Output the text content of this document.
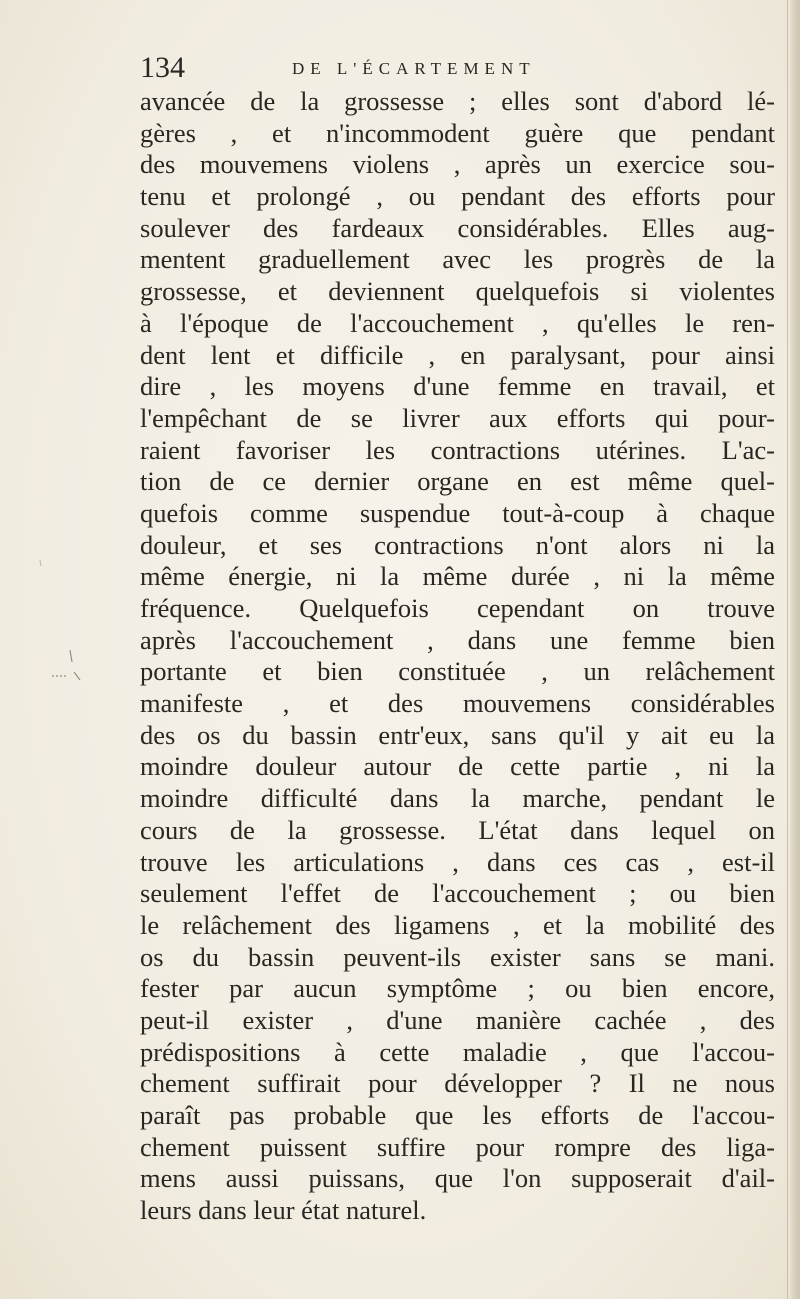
134	DE L'ÉCARTEMENT
avancée de la grossesse ; elles sont d'abord lé-
gères , et n'incommodent guère que pendant
des mouvemens violens , après un exercice sou-
tenu et prolongé , ou pendant des efforts pour
soulever des fardeaux considérables. Elles aug-
mentent graduellement avec les progrès de la
grossesse, et deviennent quelquefois si violentes
à l'époque de l'accouchement , qu'elles le ren-
dent lent et difficile , en paralysant, pour ainsi
dire , les moyens d'une femme en travail, et
l'empêchant de se livrer aux efforts qui pour-
raient favoriser les contractions utérines. L'ac-
tion de ce dernier organe en est même quel-
quefois comme suspendue tout-à-coup à chaque
douleur, et ses contractions n'ont alors ni la
même énergie, ni la même durée , ni la même
fréquence. Quelquefois cependant on trouve
après l'accouchement , dans une femme bien
portante et bien constituée , un relâchement
manifeste , et des mouvemens considérables
des os du bassin entr'eux, sans qu'il y ait eu la
moindre douleur autour de cette partie , ni la
moindre difficulté dans la marche, pendant le
cours de la grossesse. L'état dans lequel on
trouve les articulations , dans ces cas , est-il
seulement l'effet de l'accouchement ; ou bien
le relâchement des ligamens , et la mobilité des
os du bassin peuvent-ils exister sans se mani.
fester par aucun symptôme ; ou bien encore,
peut-il exister , d'une manière cachée , des
prédispositions à cette maladie , que l'accou-
chement suffirait pour développer ? Il ne nous
paraît pas probable que les efforts de l'accou-
chement puissent suffire pour rompre des liga-
mens aussi puissans, que l'on supposerait d'ail-
leurs dans leur état naturel.
